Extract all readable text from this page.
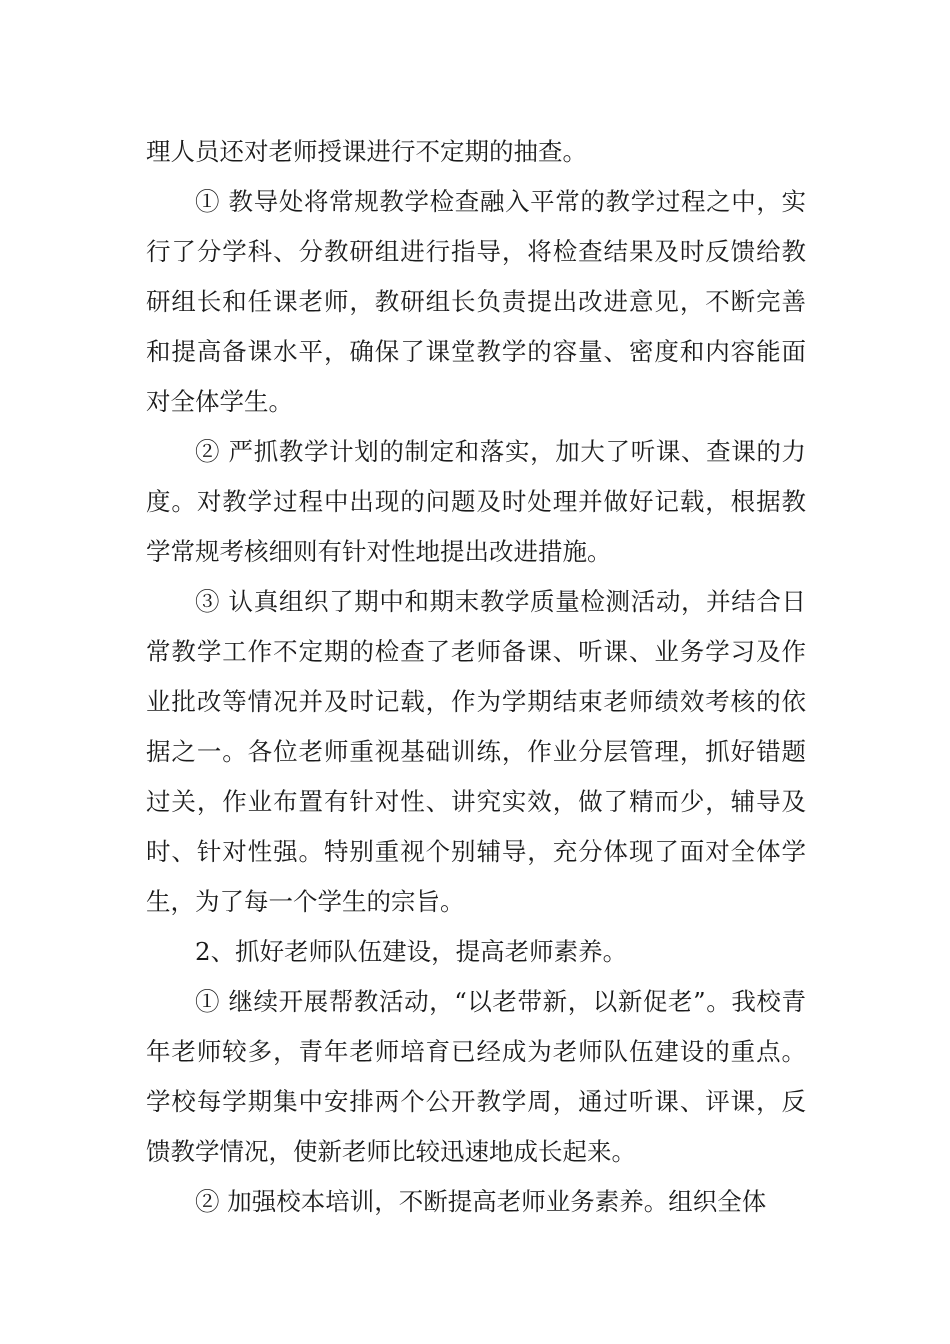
理人员还对老师授课进行不定期的抽查。

① 教导处将常规教学检查融入平常的教学过程之中，实行了分学科、分教研组进行指导，将检查结果及时反馈给教研组长和任课老师，教研组长负责提出改进意见，不断完善和提高备课水平，确保了课堂教学的容量、密度和内容能面对全体学生。

② 严抓教学计划的制定和落实，加大了听课、查课的力度。对教学过程中出现的问题及时处理并做好记载，根据教学常规考核细则有针对性地提出改进措施。

③ 认真组织了期中和期末教学质量检测活动，并结合日常教学工作不定期的检查了老师备课、听课、业务学习及作业批改等情况并及时记载，作为学期结束老师绩效考核的依据之一。各位老师重视基础训练，作业分层管理，抓好错题过关，作业布置有针对性、讲究实效，做了精而少，辅导及时、针对性强。特别重视个别辅导，充分体现了面对全体学生，为了每一个学生的宗旨。

2、抓好老师队伍建设，提高老师素养。

① 继续开展帮教活动，“以老带新，以新促老”。我校青年老师较多，青年老师培育已经成为老师队伍建设的重点。学校每学期集中安排两个公开教学周，通过听课、评课，反馈教学情况，使新老师比较迅速地成长起来。

② 加强校本培训，不断提高老师业务素养。组织全体
